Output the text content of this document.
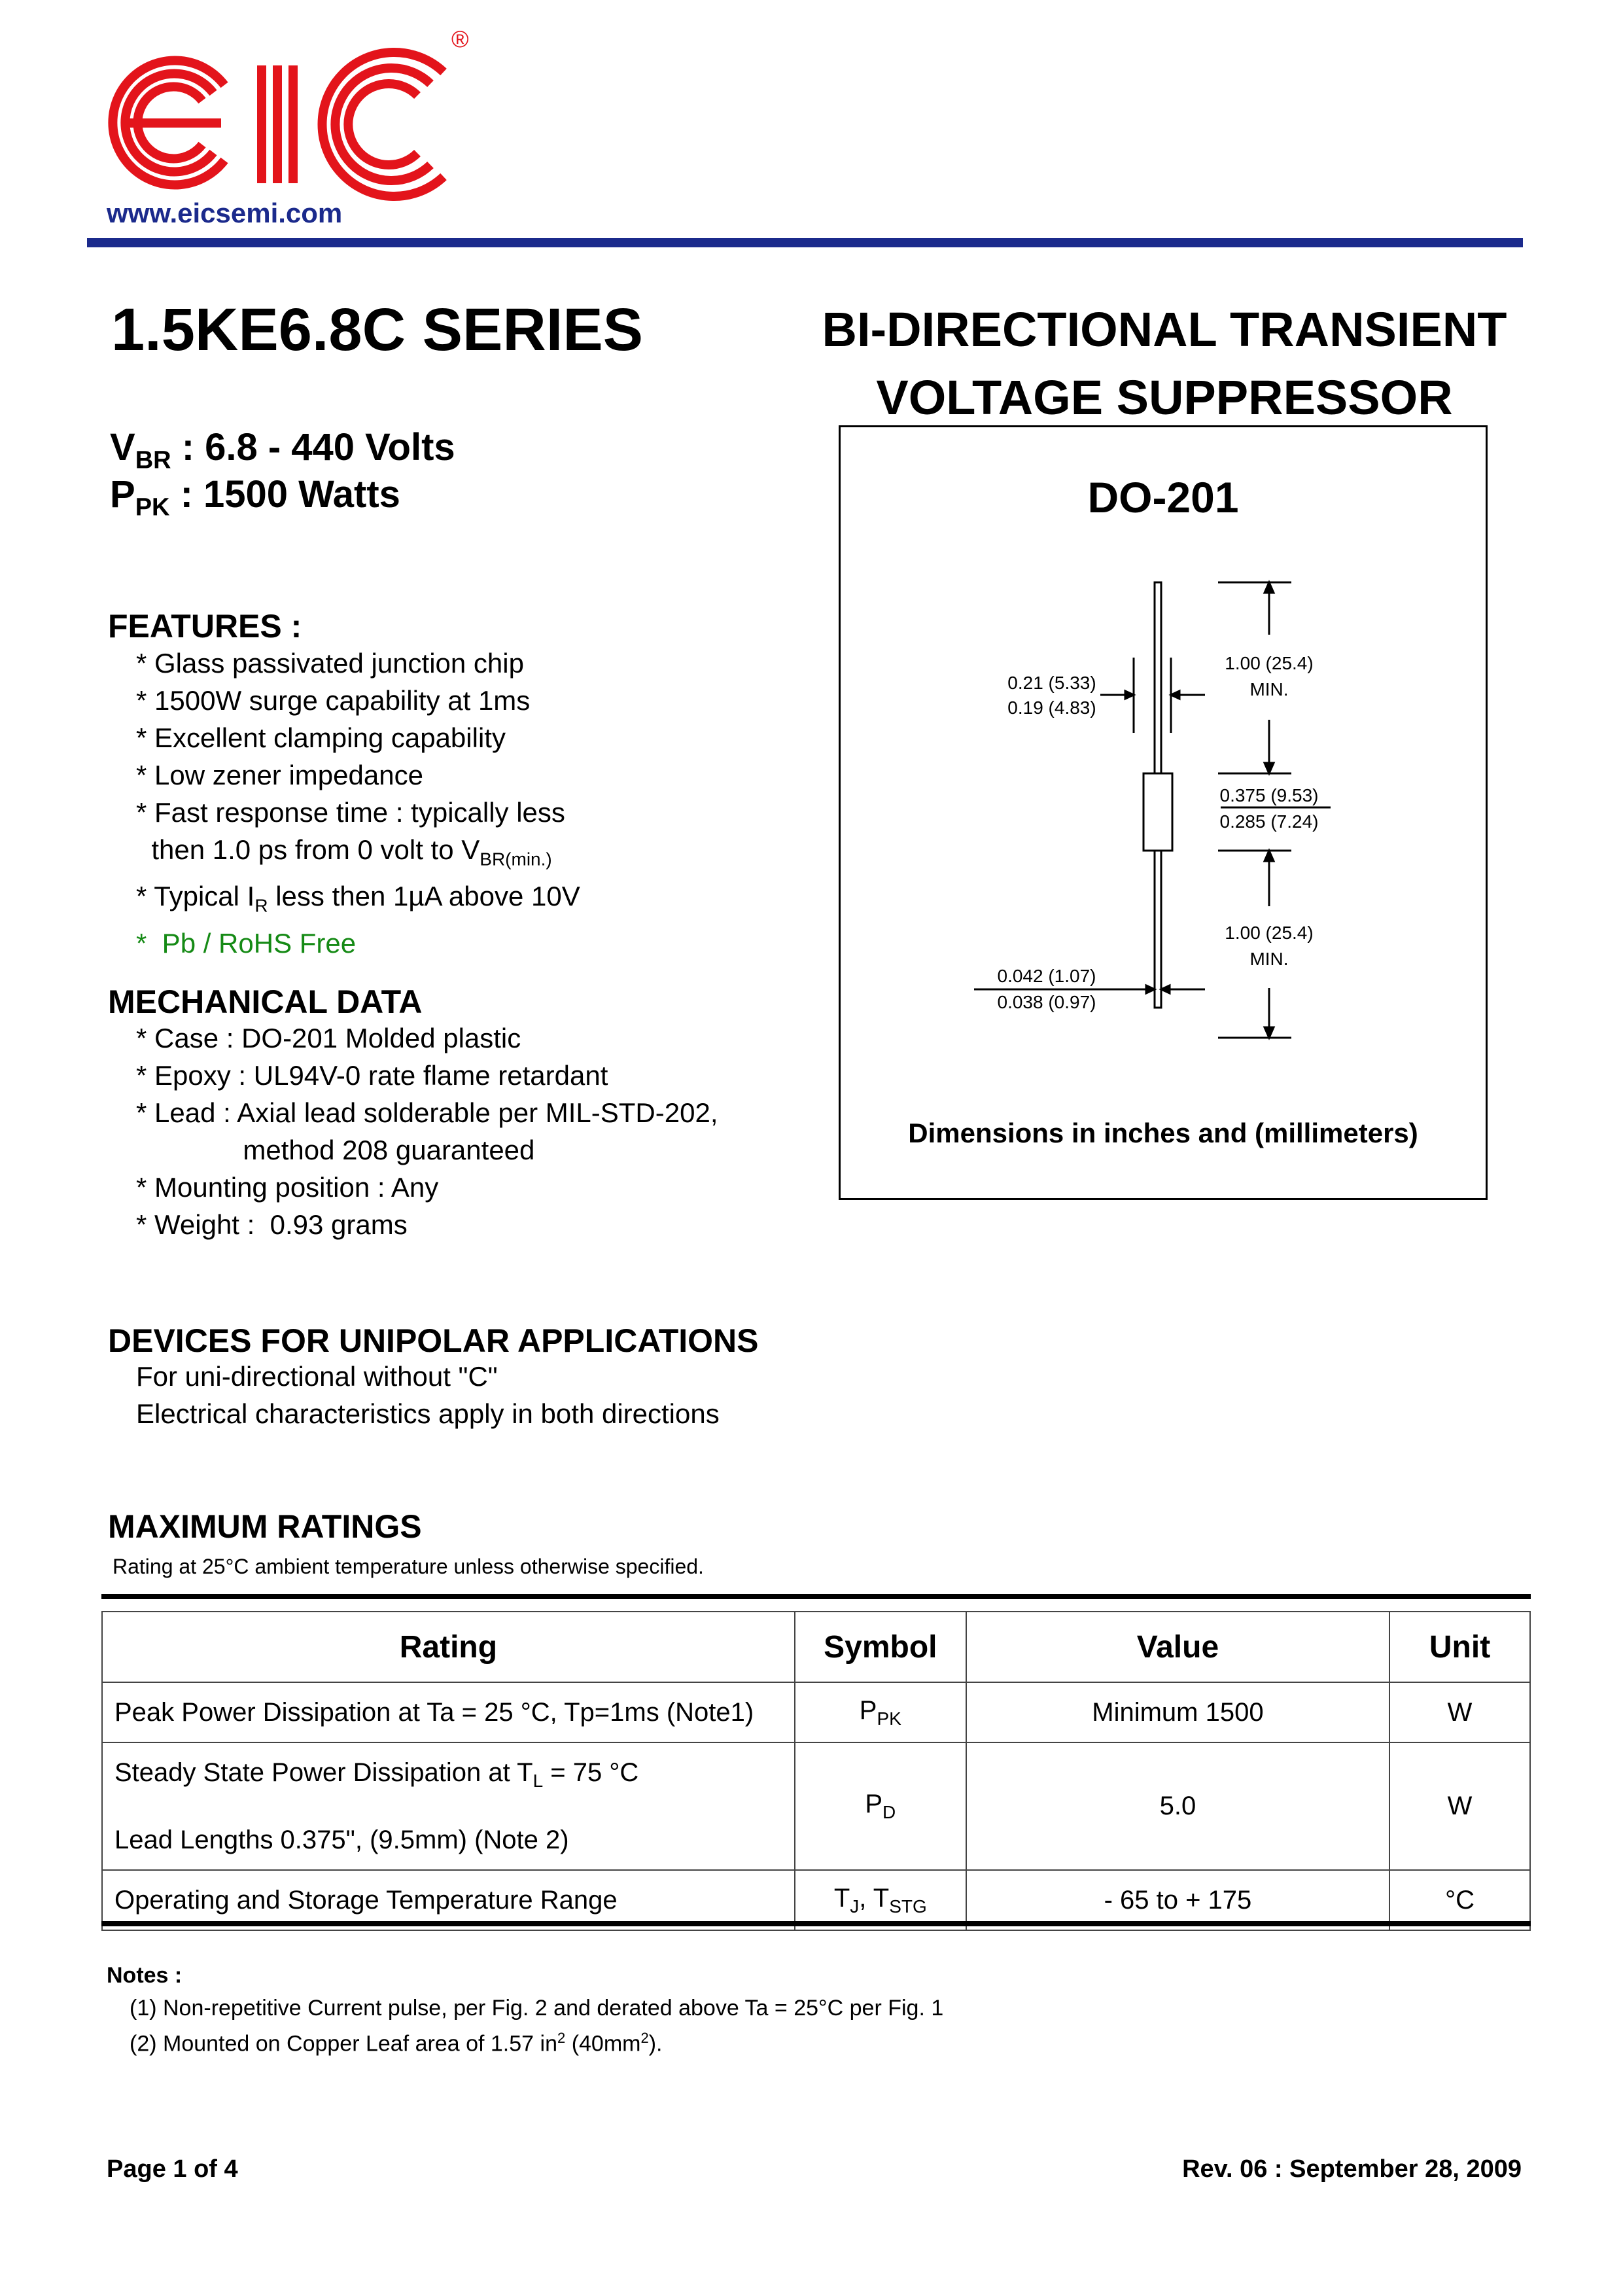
®
www.eicsemi.com
1.5KE6.8C SERIES	BI-DIRECTIONAL TRANSIENT
VOLTAGE SUPPRESSOR
$V_{BR}$ : 6.8 - 440 Volts
$P_{PK}$ : 1500 Watts
FEATURES :
* Glass passivated junction chip
* 1500W surge capability at 1ms
* Excellent clamping capability
* Low zener impedance
* Fast response time : typically less
then 1.0 ps from 0 volt to $V_{BR(min.)}$
* Typical $I_R$ less then 1µA above 10V
*  Pb / RoHS Free
MECHANICAL DATA
* Case : DO-201 Molded plastic
* Epoxy : UL94V-0 rate flame retardant
* Lead : Axial lead solderable per MIL-STD-202,
method 208 guaranteed
* Mounting position : Any
* Weight :  0.93 grams
DO-201
0.21 (5.33)
0.19 (4.83)
1.00 (25.4)
MIN.
0.375 (9.53)
0.285 (7.24)
1.00 (25.4)
MIN.
0.042 (1.07)
0.038 (0.97)
Dimensions in inches and (millimeters)
DEVICES FOR UNIPOLAR APPLICATIONS
For uni-directional without "C"
Electrical characteristics apply in both directions
MAXIMUM RATINGS
Rating at 25°C ambient temperature unless otherwise specified.
Rating	Symbol	Value	Unit
Peak Power Dissipation at Ta = 25 °C, Tp=1ms (Note1)	$P_{PK}$	Minimum 1500	W

Steady State Power Dissipation at $T_L = 75$ °C
Lead Lengths 0.375", (9.5mm) (Note 2)	$P_D$	5.0	W
Operating and Storage Temperature Range	$T_J$, $T_{STG}$	- 65 to + 175	°C
Notes :
(1) Non-repetitive Current pulse, per Fig. 2 and derated above Ta = 25°C per Fig. 1
(2) Mounted on Copper Leaf area of 1.57 $in^2$ $(40mm^2)$.
Page 1 of 4	Rev. 06 : September 28, 2009
